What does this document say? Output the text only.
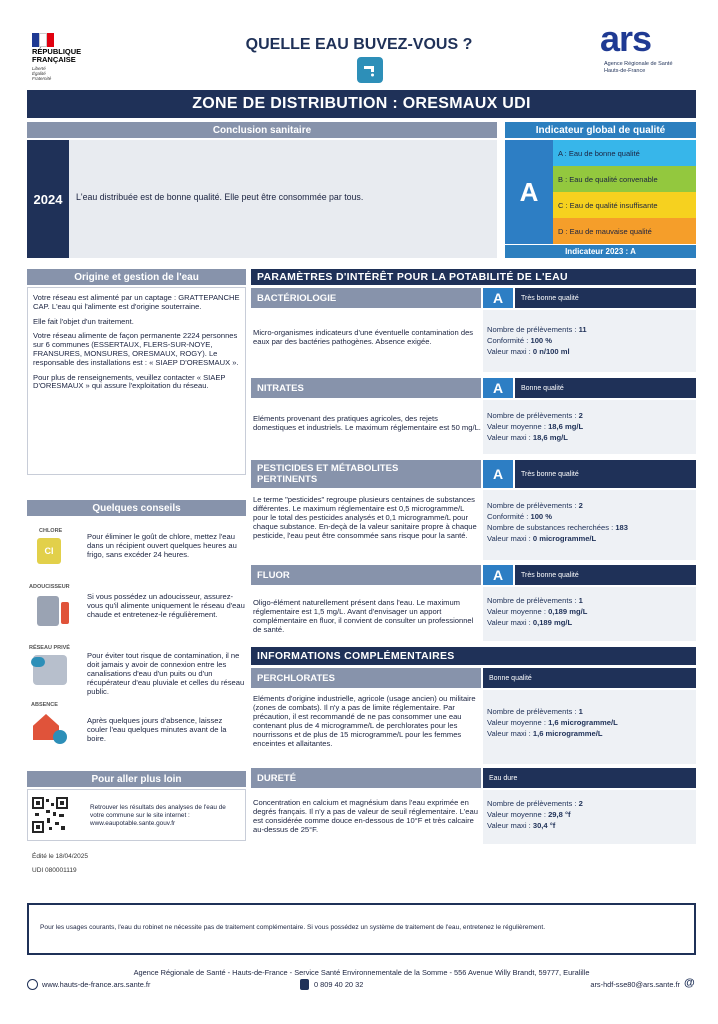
RÉPUBLIQUE FRANÇAISE
Liberté
Égalité
Fraternité
QUELLE EAU BUVEZ-VOUS ?	ars
Agence Régionale de Santé
Hauts-de-France
ZONE DE DISTRIBUTION : ORESMAUX UDI
Conclusion sanitaire
2024	L'eau distribuée est de bonne qualité. Elle peut être consommée par tous.
Indicateur global de qualité
A
A : Eau de bonne qualité
B : Eau de qualité convenable
C : Eau de qualité insuffisante
D : Eau de mauvaise qualité
Indicateur 2023 : A
Origine et gestion de l'eau

Votre réseau est alimenté par un captage : GRATTEPANCHE CAP. L'eau qui l'alimente est d'origine souterraine.

Elle fait l'objet d'un traitement.

Votre réseau alimente de façon permanente 2224 personnes sur 6 communes (ESSERTAUX, FLERS-SUR-NOYE, FRANSURES, MONSURES, ORESMAUX, ROGY). Le responsable des installations est : « SIAEP D'ORESMAUX ».

Pour plus de renseignements, veuillez contacter « SIAEP D'ORESMAUX » qui assure l'exploitation du réseau.

Quelques conseils
CHLORE
Cl
Pour éliminer le goût de chlore, mettez l'eau dans un récipient ouvert quelques heures au frigo, sans excéder 24 heures.
ADOUCISSEUR
Si vous possédez un adoucisseur, assurez-vous qu'il alimente uniquement le réseau d'eau chaude et entretenez-le régulièrement.
RÉSEAU PRIVÉ
Pour éviter tout risque de contamination, il ne doit jamais y avoir de connexion entre les canalisations d'eau d'un puits ou d'un récupérateur d'eau pluviale et celles du réseau public.
ABSENCE
Après quelques jours d'absence, laissez couler l'eau quelques minutes avant de la boire.
Pour aller plus loin
Retrouver les résultats des analyses de l'eau de votre commune sur le site internet : www.eaupotable.sante.gouv.fr
Édité le 18/04/2025
UDI 080001119
PARAMÈTRES D'INTÉRÊT POUR LA POTABILITÉ DE L'EAU
BACTÉRIOLOGIE	A	Très bonne qualité
Micro-organismes indicateurs d'une éventuelle contamination des eaux par des bactéries pathogènes. Absence exigée.
Nombre de prélèvements : 11
Conformité : 100 %
Valeur maxi : 0 n/100 ml
NITRATES	A	Bonne qualité
Eléments provenant des pratiques agricoles, des rejets domestiques et industriels. Le maximum réglementaire est 50 mg/L.
Nombre de prélèvements : 2
Valeur moyenne : 18,6 mg/L
Valeur maxi : 18,6 mg/L
PESTICIDES ET MÉTABOLITES PERTINENTS	A	Très bonne qualité
Le terme "pesticides" regroupe plusieurs centaines de substances différentes. Le maximum réglementaire est 0,5 microgramme/L pour le total des pesticides analysés et 0,1 microgramme/L pour chaque substance. En-deçà de la valeur sanitaire propre à chaque pesticide, l'eau peut être consommée sans risque pour la santé.
Nombre de prélèvements : 2
Conformité : 100 %
Nombre de substances recherchées : 183
Valeur maxi : 0 microgramme/L
FLUOR	A	Très bonne qualité
Oligo-élément naturellement présent dans l'eau. Le maximum réglementaire est 1,5 mg/L. Avant d'envisager un apport complémentaire en fluor, il convient de consulter un professionnel de santé.
Nombre de prélèvements : 1
Valeur moyenne : 0,189 mg/L
Valeur maxi : 0,189 mg/L
INFORMATIONS COMPLÉMENTAIRES
PERCHLORATES	Bonne qualité
Eléments d'origine industrielle, agricole (usage ancien) ou militaire (zones de combats). Il n'y a pas de limite réglementaire. Par précaution, il est recommandé de ne pas consommer une eau contenant plus de 4 microgramme/L de perchlorates pour les nourrissons et de plus de 15 microgramme/L pour les femmes enceintes et allaitantes.
Nombre de prélèvements : 1
Valeur moyenne : 1,6 microgramme/L
Valeur maxi : 1,6 microgramme/L
DURETÉ	Eau dure
Concentration en calcium et magnésium dans l'eau exprimée en degrés français. Il n'y a pas de valeur de seuil réglementaire. L'eau est considérée comme douce en-dessous de 10°F et très calcaire au-dessus de 25°F.
Nombre de prélèvements : 2
Valeur moyenne : 29,8 °f
Valeur maxi : 30,4 °f
Pour les usages courants, l'eau du robinet ne nécessite pas de traitement complémentaire. Si vous possédez un système de traitement de l'eau, entretenez le régulièrement.
Agence Régionale de Santé - Hauts-de-France - Service Santé Environnementale de la Somme - 556 Avenue Willy Brandt, 59777, Euralille
www.hauts-de-france.ars.sante.fr	0 809 40 20 32	ars-hdf-sse80@ars.sante.fr @
